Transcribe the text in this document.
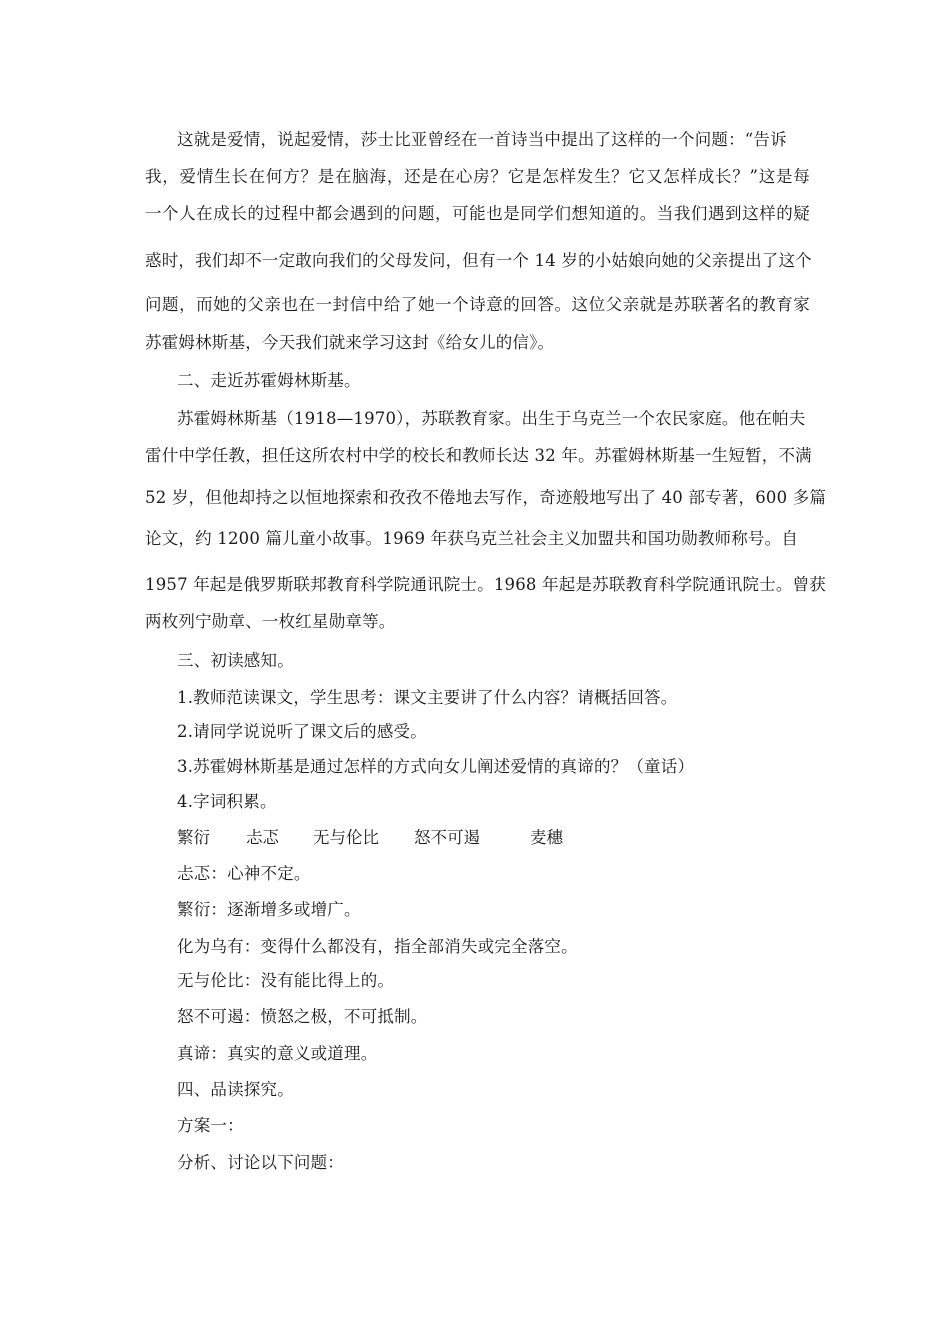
这就是爱情，说起爱情，莎士比亚曾经在一首诗当中提出了这样的一个问题：“告诉
我，爱情生长在何方？是在脑海，还是在心房？它是怎样发生？它又怎样成长？”这是每
一个人在成长的过程中都会遇到的问题，可能也是同学们想知道的。当我们遇到这样的疑
惑时，我们却不一定敢向我们的父母发问，但有一个 14 岁的小姑娘向她的父亲提出了这个
问题，而她的父亲也在一封信中给了她一个诗意的回答。这位父亲就是苏联著名的教育家
苏霍姆林斯基，今天我们就来学习这封《给女儿的信》。
二、走近苏霍姆林斯基。
苏霍姆林斯基（1918—1970），苏联教育家。出生于乌克兰一个农民家庭。他在帕夫
雷什中学任教，担任这所农村中学的校长和教师长达 32 年。苏霍姆林斯基一生短暂，不满
52 岁，但他却持之以恒地探索和孜孜不倦地去写作，奇迹般地写出了 40 部专著，600 多篇
论文，约 1200 篇儿童小故事。1969 年获乌克兰社会主义加盟共和国功勋教师称号。自
1957 年起是俄罗斯联邦教育科学院通讯院士。1968 年起是苏联教育科学院通讯院士。曾获
两枚列宁勋章、一枚红星勋章等。
三、初读感知。
1.教师范读课文，学生思考：课文主要讲了什么内容？请概括回答。
2.请同学说说听了课文后的感受。
3.苏霍姆林斯基是通过怎样的方式向女儿阐述爱情的真谛的？（童话）
4.字词积累。
繁衍 忐忑 无与伦比 怒不可遏	麦穗
忐忑：心神不定。
繁衍：逐渐增多或增广。
化为乌有：变得什么都没有，指全部消失或完全落空。
无与伦比：没有能比得上的。
怒不可遏：愤怒之极，不可抵制。
真谛：真实的意义或道理。
四、品读探究。
方案一：
分析、讨论以下问题：
